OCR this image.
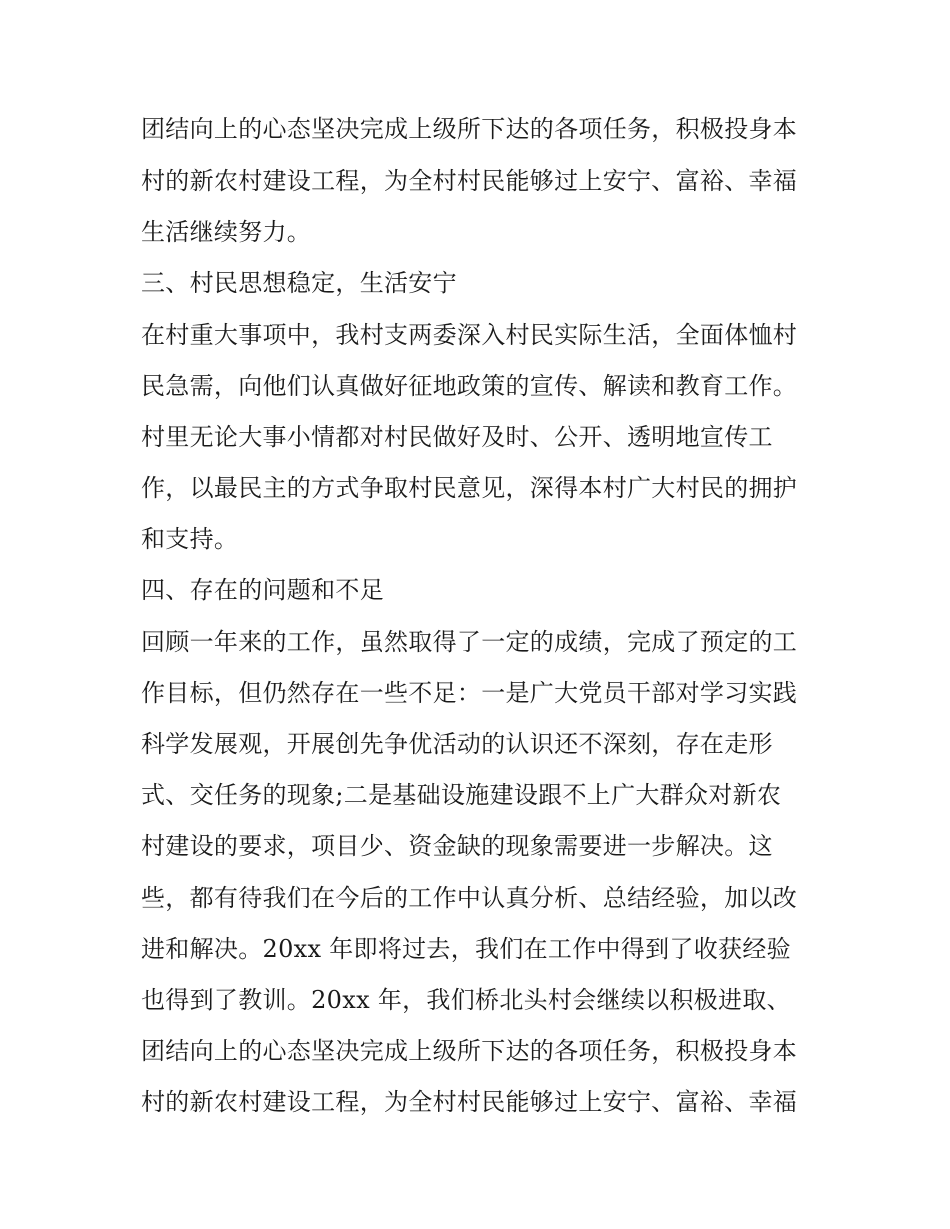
团结向上的心态坚决完成上级所下达的各项任务，积极投身本
村的新农村建设工程，为全村村民能够过上安宁、富裕、幸福
生活继续努力。
三、村民思想稳定，生活安宁
在村重大事项中，我村支两委深入村民实际生活，全面体恤村
民急需，向他们认真做好征地政策的宣传、解读和教育工作。
村里无论大事小情都对村民做好及时、公开、透明地宣传工
作，以最民主的方式争取村民意见，深得本村广大村民的拥护
和支持。
四、存在的问题和不足
回顾一年来的工作，虽然取得了一定的成绩，完成了预定的工
作目标，但仍然存在一些不足：一是广大党员干部对学习实践
科学发展观，开展创先争优活动的认识还不深刻，存在走形
式、交任务的现象;二是基础设施建设跟不上广大群众对新农
村建设的要求，项目少、资金缺的现象需要进一步解决。这
些，都有待我们在今后的工作中认真分析、总结经验，加以改
进和解决。20xx 年即将过去，我们在工作中得到了收获经验
也得到了教训。20xx 年，我们桥北头村会继续以积极进取、
团结向上的心态坚决完成上级所下达的各项任务，积极投身本
村的新农村建设工程，为全村村民能够过上安宁、富裕、幸福
